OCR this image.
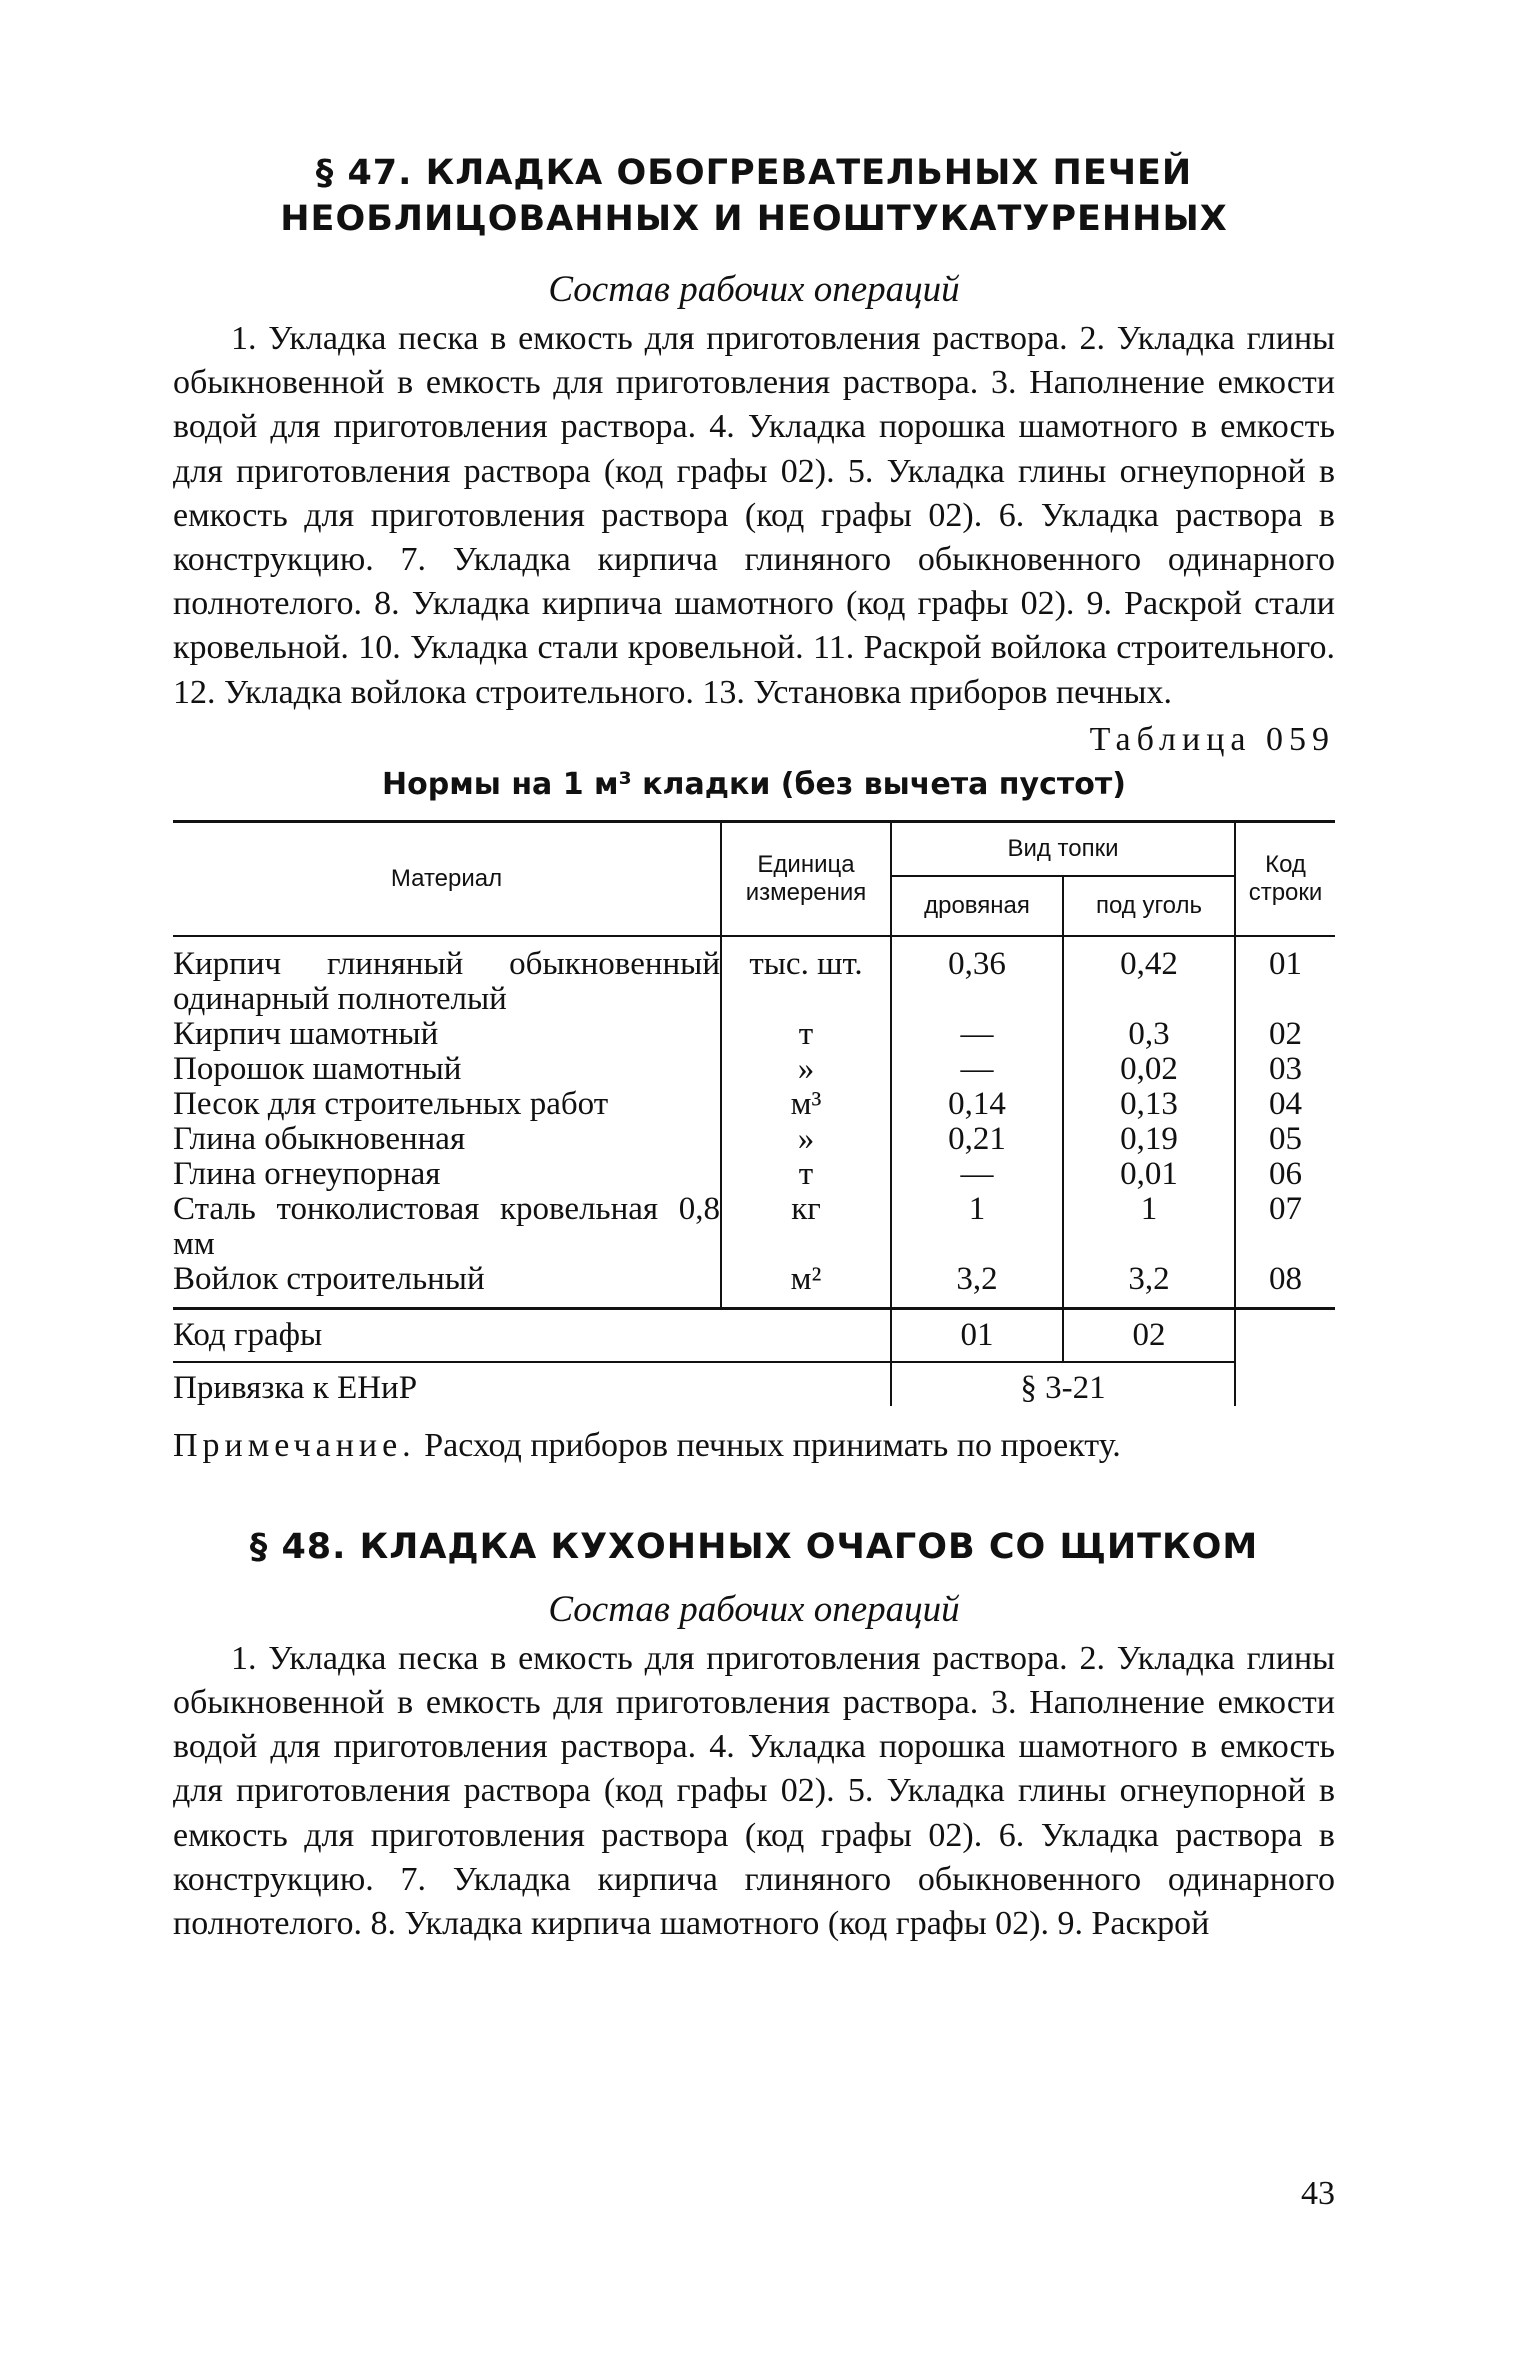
§ 47. КЛАДКА ОБОГРЕВАТЕЛЬНЫХ ПЕЧЕЙ
НЕОБЛИЦОВАННЫХ И НЕОШТУКАТУРЕННЫХ
Состав рабочих операций

1. Укладка песка в емкость для приготовления раствора. 2. Укладка глины обыкновенной в емкость для приготовления раствора. 3. Наполнение емкости водой для приготовления раствора. 4. Укладка порошка шамотного в емкость для приготовления раствора (код графы 02). 5. Укладка глины огнеупорной в емкость для приготовления раствора (код графы 02). 6. Укладка раствора в конструкцию. 7. Укладка кирпича глиняного обыкновенного одинарного полнотелого. 8. Укладка кирпича шамотного (код графы 02). 9. Раскрой стали кровельной. 10. Укладка стали кровельной. 11. Раскрой войлока строительного. 12. Укладка войлока строительного. 13. Установка приборов печных.

Таблица 059
Нормы на 1 м³ кладки (без вычета пустот)
Материал	Единица измерения	Вид топки		Код строки
		дровяная	под уголь	
Кирпич глиняный обыкновенный одинарный полнотелый	тыс. шт.	0,36	0,42	01
Кирпич шамотный	т	—	0,3	02
Порошок шамотный	»	—	0,02	03
Песок для строительных работ	м³	0,14	0,13	04
Глина обыкновенная	»	0,21	0,19	05
Глина огнеупорная	т	—	0,01	06
Сталь тонколистовая кровельная 0,8 мм	кг	1	1	07
Войлок строительный	м²	3,2	3,2	08
Код графы		01	02	
Привязка к ЕНиР		§ 3-21		

Примечание. Расход приборов печных принимать по проекту.

§ 48. КЛАДКА КУХОННЫХ ОЧАГОВ СО ЩИТКОМ
Состав рабочих операций

1. Укладка песка в емкость для приготовления раствора. 2. Укладка глины обыкновенной в емкость для приготовления раствора. 3. Наполнение емкости водой для приготовления раствора. 4. Укладка порошка шамотного в емкость для приготовления раствора (код графы 02). 5. Укладка глины огнеупорной в емкость для приготовления раствора (код графы 02). 6. Укладка раствора в конструкцию. 7. Укладка кирпича глиняного обыкновенного одинарного полнотелого. 8. Укладка кирпича шамотного (код графы 02). 9. Раскрой

43
